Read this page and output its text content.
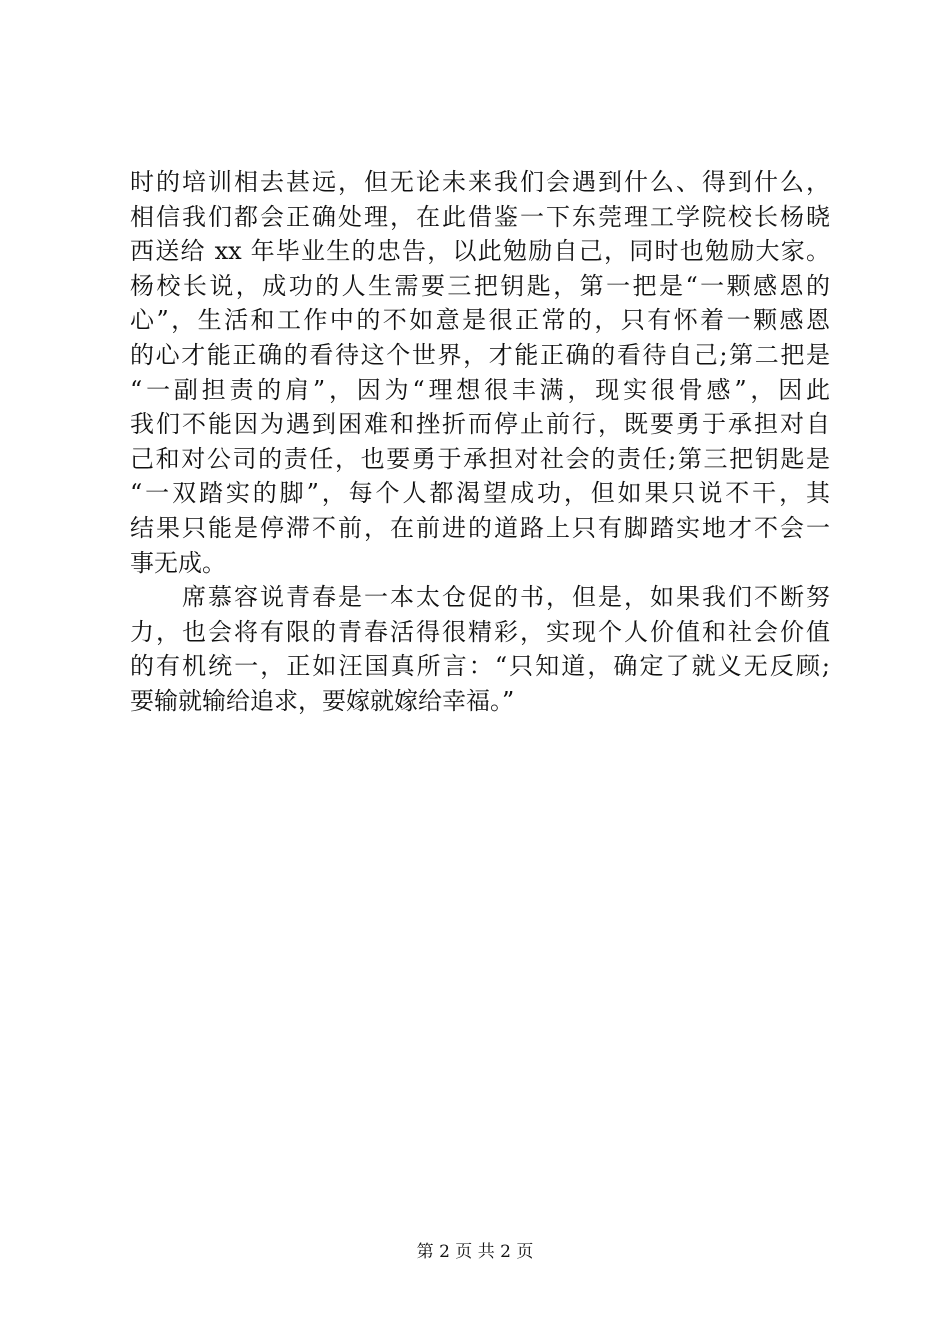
时的培训相去甚远，但无论未来我们会遇到什么、得到什么，
相信我们都会正确处理，在此借鉴一下东莞理工学院校长杨晓
西送给 xx 年毕业生的忠告，以此勉励自己，同时也勉励大家。
杨校长说，成功的人生需要三把钥匙，第一把是“一颗感恩的
心”，生活和工作中的不如意是很正常的，只有怀着一颗感恩
的心才能正确的看待这个世界，才能正确的看待自己;第二把是
“一副担责的肩”，因为“理想很丰满，现实很骨感”，因此
我们不能因为遇到困难和挫折而停止前行，既要勇于承担对自
己和对公司的责任，也要勇于承担对社会的责任;第三把钥匙是
“一双踏实的脚”，每个人都渴望成功，但如果只说不干，其
结果只能是停滞不前，在前进的道路上只有脚踏实地才不会一
事无成。
　　席慕容说青春是一本太仓促的书，但是，如果我们不断努
力，也会将有限的青春活得很精彩，实现个人价值和社会价值
的有机统一，正如汪国真所言：“只知道，确定了就义无反顾;
要输就输给追求，要嫁就嫁给幸福。”
第 2 页 共 2 页
